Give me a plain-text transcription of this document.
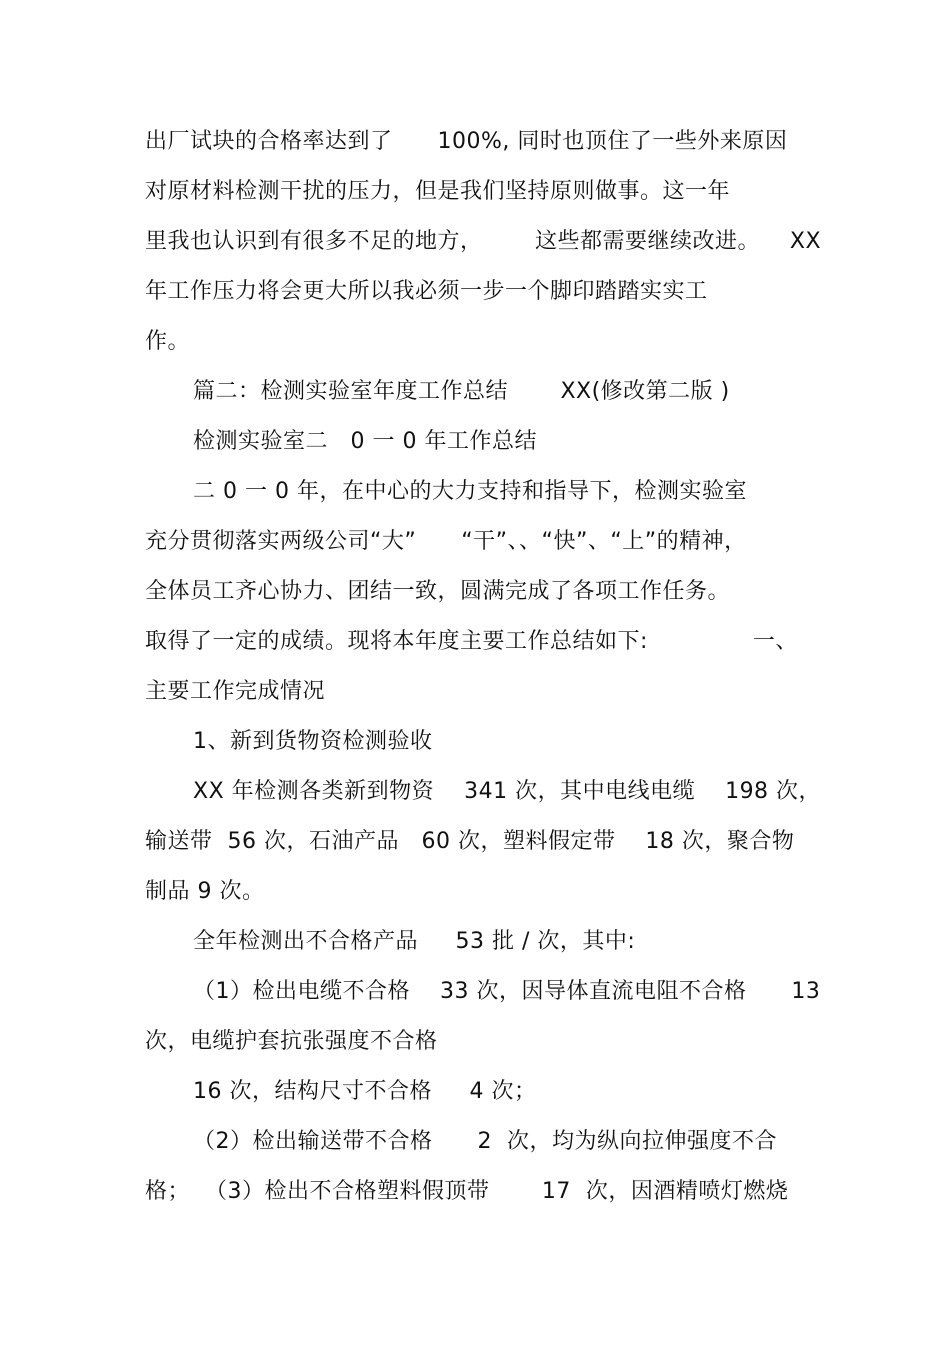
出厂试块的合格率达到了      100%, 同时也顶住了一些外来原因
对原材料检测干扰的压力，但是我们坚持原则做事。这一年
里我也认识到有很多不足的地方，       这些都需要继续改进。    XX
年工作压力将会更大所以我必须一步一个脚印踏踏实实工
作。
篇二：检测实验室年度工作总结       XX(修改第二版 )
检测实验室二   0 一 0 年工作总结
二 0 一 0 年，在中心的大力支持和指导下，检测实验室
充分贯彻落实两级公司“大”      “干”、、“快”、“上”的精神，
全体员工齐心协力、团结一致，圆满完成了各项工作任务。
取得了一定的成绩。现将本年度主要工作总结如下:              一、
主要工作完成情况
1、新到货物资检测验收
XX 年检测各类新到物资    341 次，其中电线电缆    198 次，
输送带  56 次，石油产品   60 次，塑料假定带    18 次，聚合物
制品 9 次。
全年检测出不合格产品     53 批 / 次，其中:
（1）检出电缆不合格    33 次，因导体直流电阻不合格      13
次，电缆护套抗张强度不合格
16 次，结构尺寸不合格     4 次；
（2）检出输送带不合格      2  次，均为纵向拉伸强度不合
格；  （3）检出不合格塑料假顶带       17  次，因酒精喷灯燃烧
